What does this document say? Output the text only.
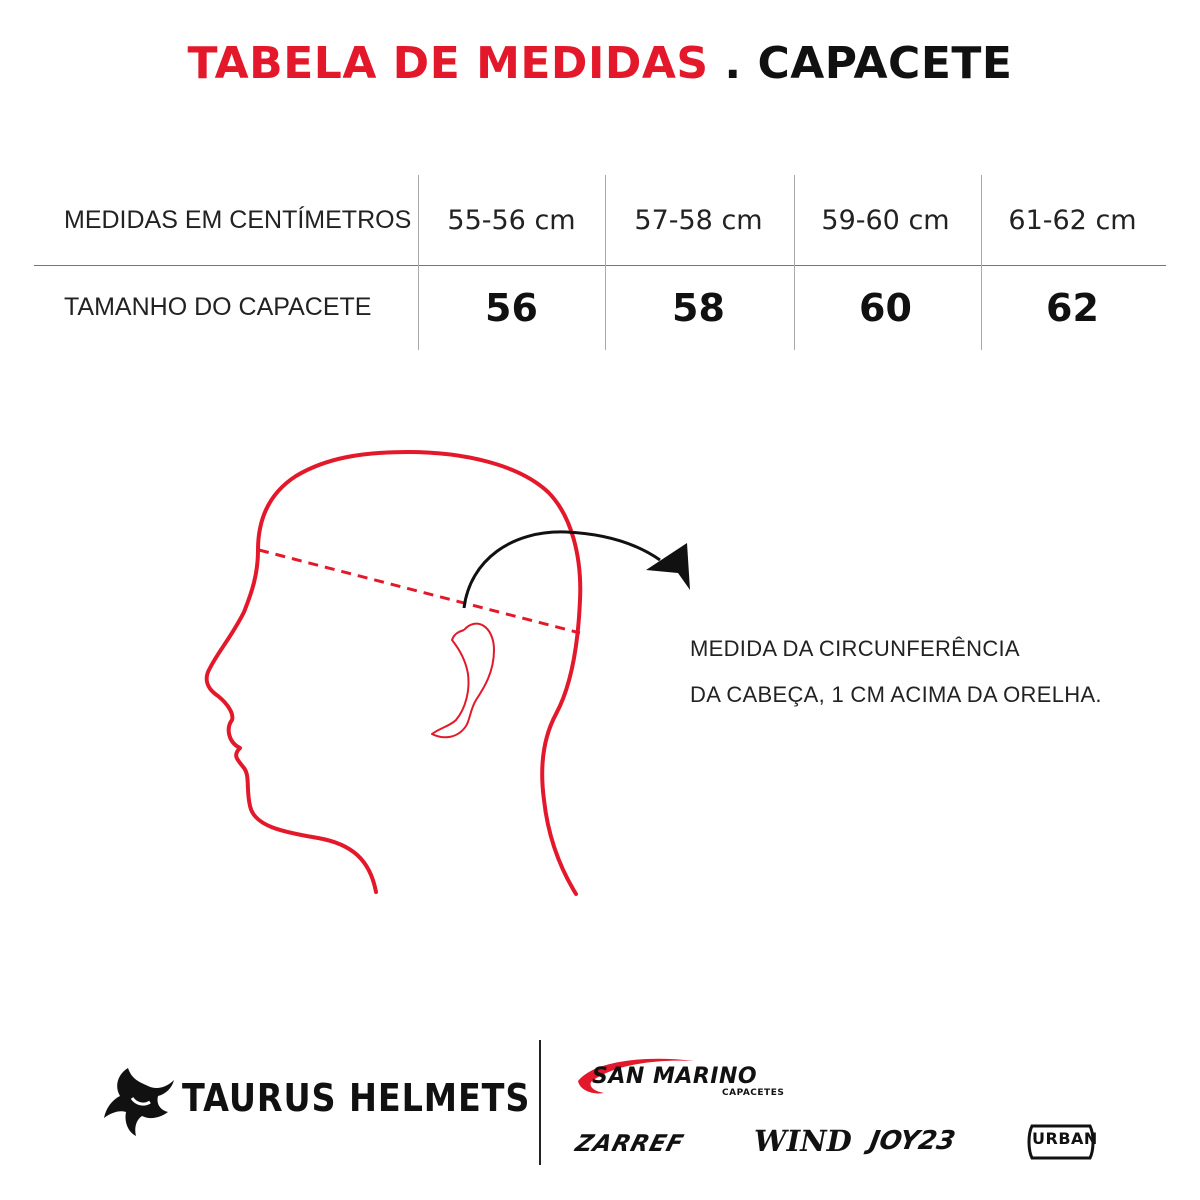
TABELA DE MEDIDAS . CAPACETE
MEDIDAS EM CENTÍMETROS	55-56 cm	57-58 cm	59-60 cm	61-62 cm
TAMANHO DO CAPACETE	56	58	60	62
MEDIDA DA CIRCUNFERÊNCIA
DA CABEÇA, 1 CM ACIMA DA ORELHA.
TAURUS HELMETS	SAN MARINO
CAPACETES
ZARREF WIND JOY23	URBAN
